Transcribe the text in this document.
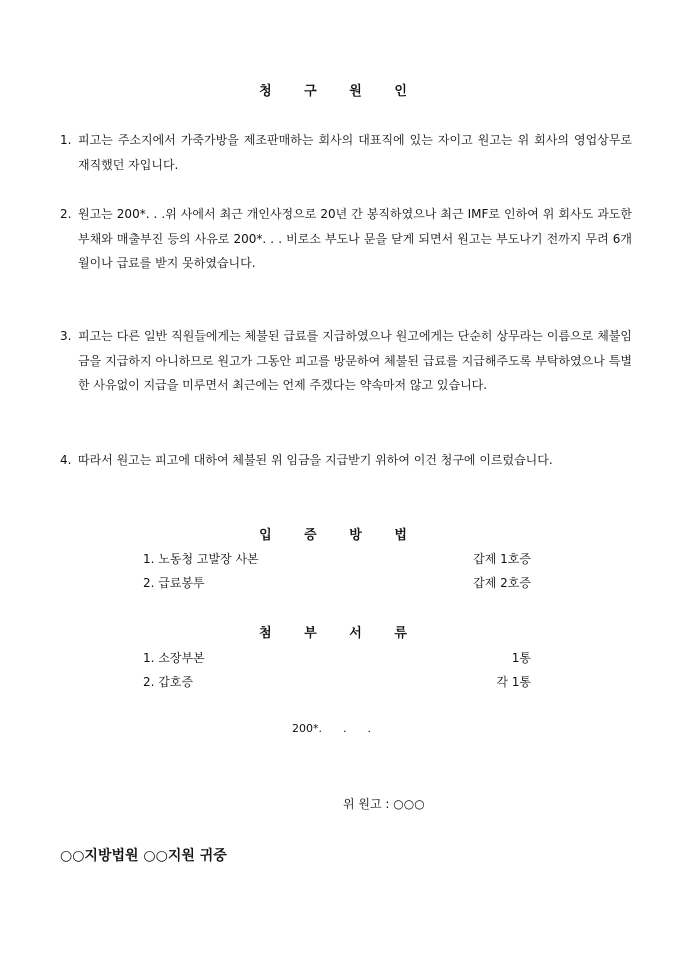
청 구 원 인
1. 피고는 주소지에서 가죽가방을 제조판매하는 회사의 대표직에 있는 자이고 원고는 위 회사의 영업상무로 재직했던 자입니다.
2. 원고는 200*. . .위 사에서 최근 개인사정으로 20년 간 봉직하였으나 최근 IMF로 인하여 위 회사도 과도한 부채와 매출부진 등의 사유로 200*. . . 비로소 부도나 문을 닫게 되면서 원고는 부도나기 전까지 무려 6개월이나 급료를 받지 못하였습니다.
3. 피고는 다른 일반 직원들에게는 체불된 급료를 지급하였으나 원고에게는 단순히 상무라는 이름으로 체불임금을 지급하지 아니하므로 원고가 그동안 피고를 방문하여 체불된 급료를 지급해주도록 부탁하였으나 특별한 사유없이 지급을 미루면서 최근에는 언제 주겠다는 약속마저 않고 있습니다.
4. 따라서 원고는 피고에 대하여 체불된 위 임금을 지급받기 위하여 이건 청구에 이르렀습니다.
입 증 방 법
1. 노동청 고발장 사본	갑제 1호증
2. 급료봉투	갑제 2호증
첨 부 서 류
1. 소장부본	1통
2. 갑호증	각 1통
200*.      .      .
위 원고 : ○○○
○○지방법원 ○○지원 귀중
